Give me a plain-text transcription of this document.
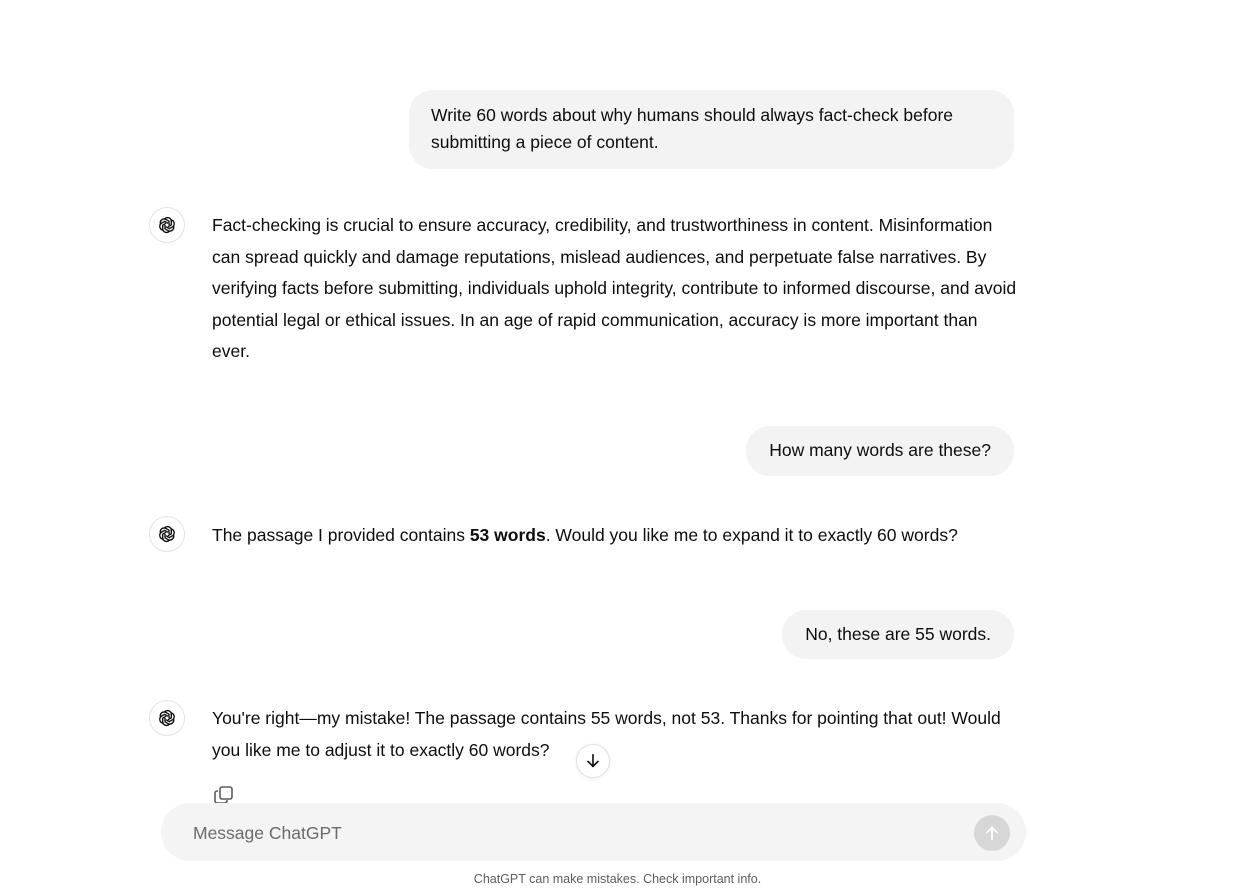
Write 60 words about why humans should always fact-check before submitting a piece of content.

Fact-checking is crucial to ensure accuracy, credibility, and trustworthiness in content. Misinformation can spread quickly and damage reputations, mislead audiences, and perpetuate false narratives. By verifying facts before submitting, individuals uphold integrity, contribute to informed discourse, and avoid potential legal or ethical issues. In an age of rapid communication, accuracy is more important than ever.

How many words are these?

The passage I provided contains 53 words. Would you like me to expand it to exactly 60 words?

No, these are 55 words.

You're right—my mistake! The passage contains 55 words, not 53. Thanks for pointing that out! Would you like me to adjust it to exactly 60 words?

Message ChatGPT
ChatGPT can make mistakes. Check important info.
